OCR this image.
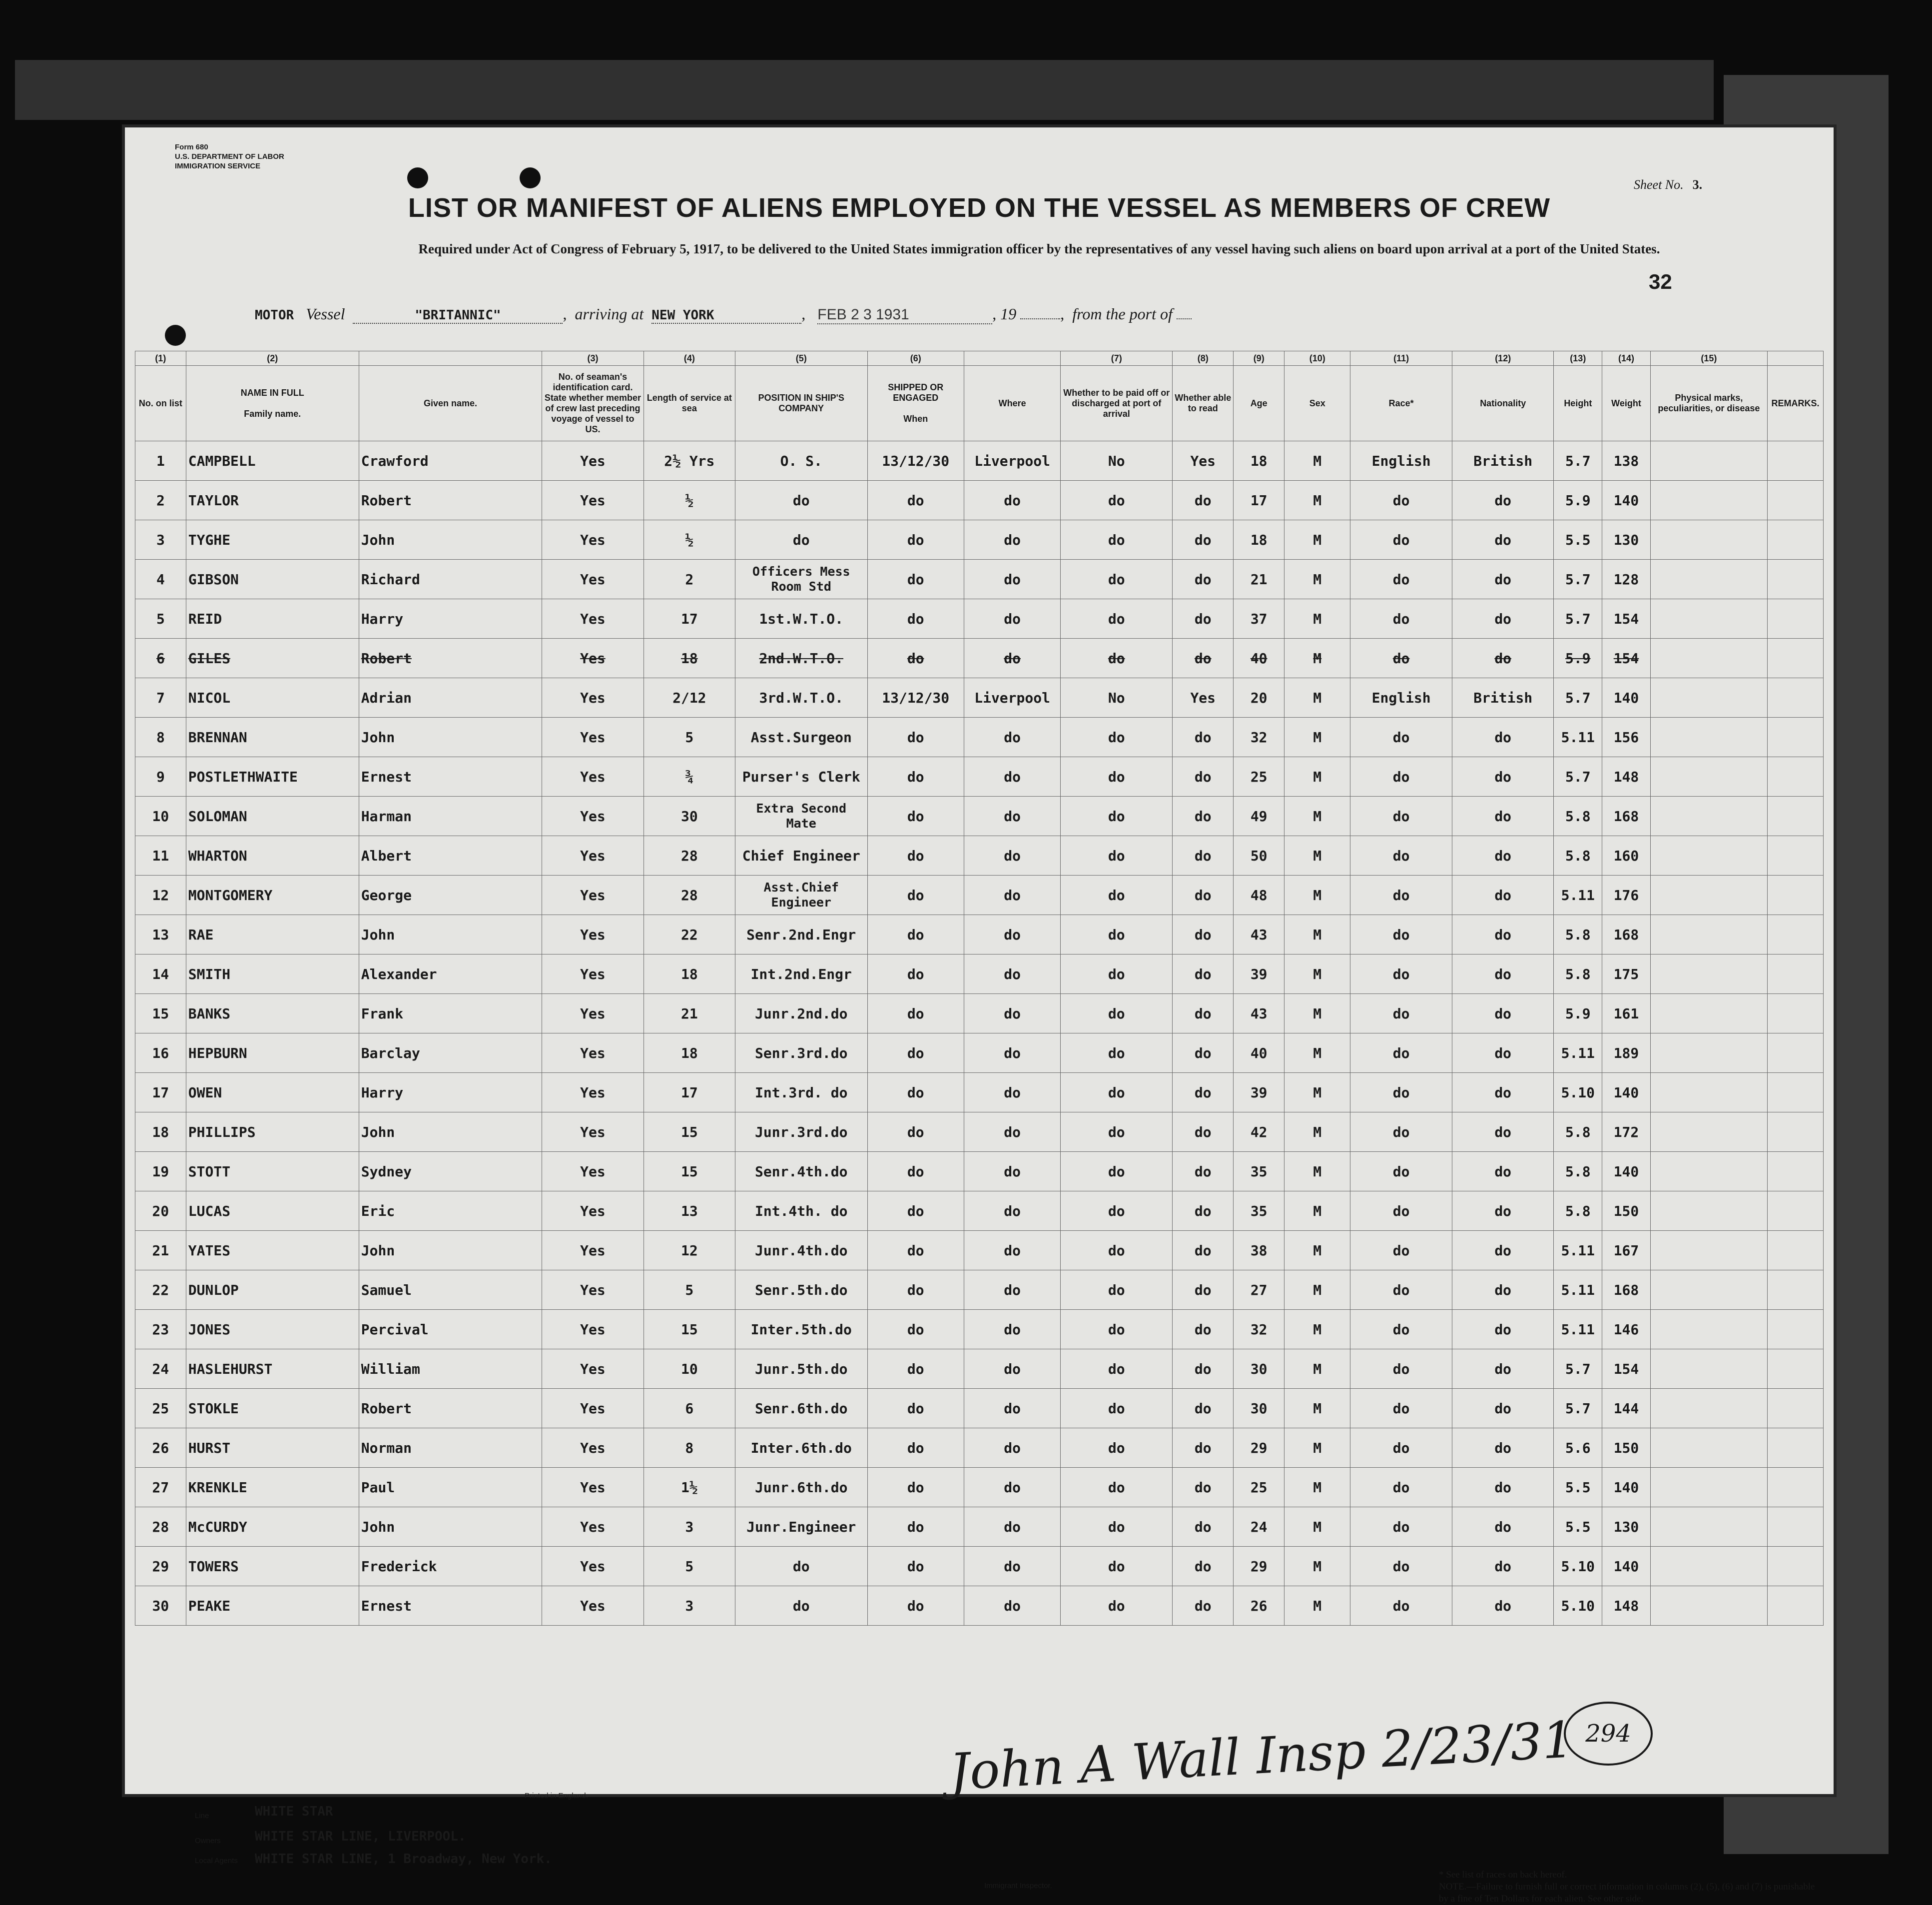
Form 680
U.S. DEPARTMENT OF LABOR
IMMIGRATION SERVICE
Sheet No. 3.
LIST OR MANIFEST OF ALIENS EMPLOYED ON THE VESSEL AS MEMBERS OF CREW
Required under Act of Congress of February 5, 1917, to be delivered to the United States immigration officer by the representatives of any vessel having such aliens on board upon arrival at a port of the United States.
32
MOTOR Vessel	"BRITANNIC"	,  arriving at NEW YORK	,   FEB 2 3 1931	, 19	,  from the port of
(1)	(2)		(3)	(4)	(5)	(6)		(7)	(8)	(9)	(10)	(11)	(12)	(13)	(14)	(15)	
No. on list	NAME IN FULL

Family name.	Given name.	No. of seaman's identification card. State whether member of crew last preceding voyage of vessel to US.	Length of service at sea	POSITION IN SHIP'S COMPANY	SHIPPED OR ENGAGED

When	Where	Whether to be paid off or discharged at port of arrival	Whether able to read	Age	Sex	Race*	Nationality	Height	Weight	Physical marks, peculiarities, or disease	REMARKS.
1	CAMPBELL	Crawford	Yes	2½ Yrs	O. S.	13/12/30	Liverpool	No	Yes	18	M	English	British	5.7	138		
2	TAYLOR	Robert	Yes	½	do	do	do	do	do	17	M	do	do	5.9	140		
3	TYGHE	John	Yes	½	do	do	do	do	do	18	M	do	do	5.5	130		
4	GIBSON	Richard	Yes	2	Officers Mess Room Std	do	do	do	do	21	M	do	do	5.7	128		
5	REID	Harry	Yes	17	1st.W.T.O.	do	do	do	do	37	M	do	do	5.7	154		
6	GILES	Robert	Yes	18	2nd.W.T.O.	do	do	do	do	40	M	do	do	5.9	154		
7	NICOL	Adrian	Yes	2/12	3rd.W.T.O.	13/12/30	Liverpool	No	Yes	20	M	English	British	5.7	140		
8	BRENNAN	John	Yes	5	Asst.Surgeon	do	do	do	do	32	M	do	do	5.11	156		
9	POSTLETHWAITE	Ernest	Yes	¾	Purser's Clerk	do	do	do	do	25	M	do	do	5.7	148		
10	SOLOMAN	Harman	Yes	30	Extra Second Mate	do	do	do	do	49	M	do	do	5.8	168		
11	WHARTON	Albert	Yes	28	Chief Engineer	do	do	do	do	50	M	do	do	5.8	160		
12	MONTGOMERY	George	Yes	28	Asst.Chief Engineer	do	do	do	do	48	M	do	do	5.11	176		
13	RAE	John	Yes	22	Senr.2nd.Engr	do	do	do	do	43	M	do	do	5.8	168		
14	SMITH	Alexander	Yes	18	Int.2nd.Engr	do	do	do	do	39	M	do	do	5.8	175		
15	BANKS	Frank	Yes	21	Junr.2nd.do	do	do	do	do	43	M	do	do	5.9	161		
16	HEPBURN	Barclay	Yes	18	Senr.3rd.do	do	do	do	do	40	M	do	do	5.11	189		
17	OWEN	Harry	Yes	17	Int.3rd. do	do	do	do	do	39	M	do	do	5.10	140		
18	PHILLIPS	John	Yes	15	Junr.3rd.do	do	do	do	do	42	M	do	do	5.8	172		
19	STOTT	Sydney	Yes	15	Senr.4th.do	do	do	do	do	35	M	do	do	5.8	140		
20	LUCAS	Eric	Yes	13	Int.4th. do	do	do	do	do	35	M	do	do	5.8	150		
21	YATES	John	Yes	12	Junr.4th.do	do	do	do	do	38	M	do	do	5.11	167		
22	DUNLOP	Samuel	Yes	5	Senr.5th.do	do	do	do	do	27	M	do	do	5.11	168		
23	JONES	Percival	Yes	15	Inter.5th.do	do	do	do	do	32	M	do	do	5.11	146		
24	HASLEHURST	William	Yes	10	Junr.5th.do	do	do	do	do	30	M	do	do	5.7	154		
25	STOKLE	Robert	Yes	6	Senr.6th.do	do	do	do	do	30	M	do	do	5.7	144		
26	HURST	Norman	Yes	8	Inter.6th.do	do	do	do	do	29	M	do	do	5.6	150		
27	KRENKLE	Paul	Yes	1½	Junr.6th.do	do	do	do	do	25	M	do	do	5.5	140		
28	McCURDY	John	Yes	3	Junr.Engineer	do	do	do	do	24	M	do	do	5.5	130		
29	TOWERS	Frederick	Yes	5	do	do	do	do	do	29	M	do	do	5.10	140		
30	PEAKE	Ernest	Yes	3	do	do	do	do	do	26	M	do	do	5.10	148		
John A Wall Insp 2/23/31 294
Printed in England.
Line	WHITE STAR
Owners	WHITE STAR LINE, LIVERPOOL.
Local Agents WHITE STAR LINE, 1 Broadway, New York.
Immigrant Inspector.
* See list of races on back hereof.
NOTE.—Failure to furnish full or correct information in columns (2), (5), (6) and (7) is punishable by a fine of Ten Dollars for each alien. See other side.
